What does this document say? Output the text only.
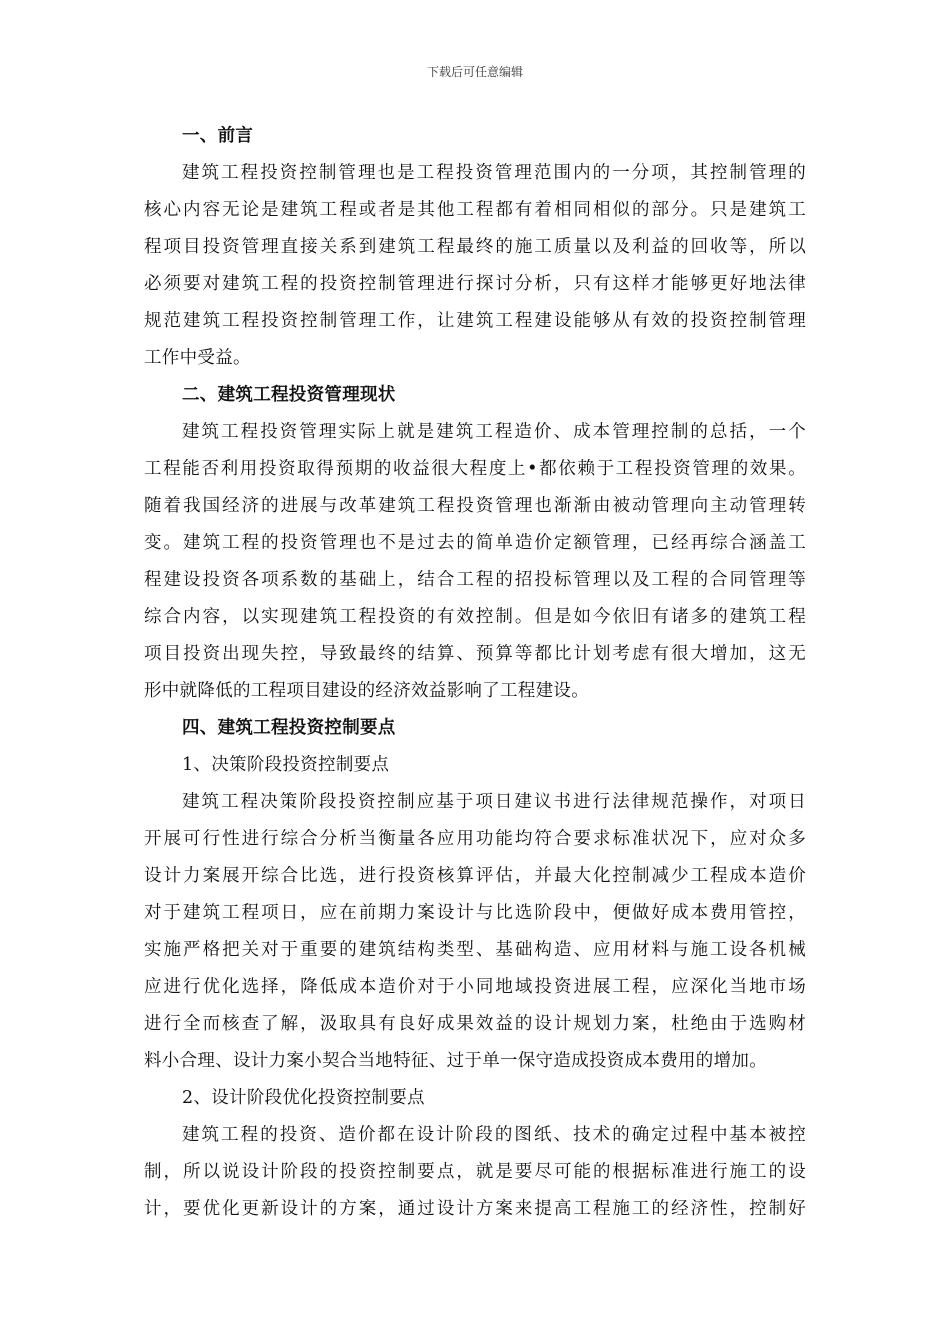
下载后可任意编辑
一、前言
建筑工程投资控制管理也是工程投资管理范围内的一分项，其控制管理的
核心内容无论是建筑工程或者是其他工程都有着相同相似的部分。只是建筑工
程项目投资管理直接关系到建筑工程最终的施工质量以及利益的回收等，所以
必须要对建筑工程的投资控制管理进行探讨分析，只有这样才能够更好地法律
规范建筑工程投资控制管理工作，让建筑工程建设能够从有效的投资控制管理
工作中受益。
二、建筑工程投资管理现状
建筑工程投资管理实际上就是建筑工程造价、成本管理控制的总括，一个
工程能否利用投资取得预期的收益很大程度上•都依赖于工程投资管理的效果。
随着我国经济的进展与改革建筑工程投资管理也渐渐由被动管理向主动管理转
变。建筑工程的投资管理也不是过去的简单造价定额管理，已经再综合涵盖工
程建设投资各项系数的基础上，结合工程的招投标管理以及工程的合同管理等
综合内容，以实现建筑工程投资的有效控制。但是如今依旧有诸多的建筑工程
项目投资出现失控，导致最终的结算、预算等都比计划考虑有很大增加，这无
形中就降低的工程项目建设的经济效益影响了工程建设。
四、建筑工程投资控制要点
1、决策阶段投资控制要点
建筑工程决策阶段投资控制应基于项日建议书进行法律规范操作，对项日
开展可行性进行综合分析当衡量各应用功能均符合要求标准状况下，应对众多
设计力案展开综合比选，进行投资核算评估，并最大化控制减少工程成本造价
对于建筑工程项日，应在前期力案设计与比选阶段中，便做好成本费用管控，
实施严格把关对于重要的建筑结构类型、基础构造、应用材料与施工设各机械
应进行优化选择，降低成本造价对于小同地域投资进展工程，应深化当地市场
进行全而核查了解，汲取具有良好成果效益的设计规划力案，杜绝由于选购材
料小合理、设计力案小契合当地特征、过于单一保守造成投资成本费用的增加。
2、设计阶段优化投资控制要点
建筑工程的投资、造价都在设计阶段的图纸、技术的确定过程中基本被控
制，所以说设计阶段的投资控制要点，就是要尽可能的根据标准进行施工的设
计，要优化更新设计的方案，通过设计方案来提高工程施工的经济性，控制好
